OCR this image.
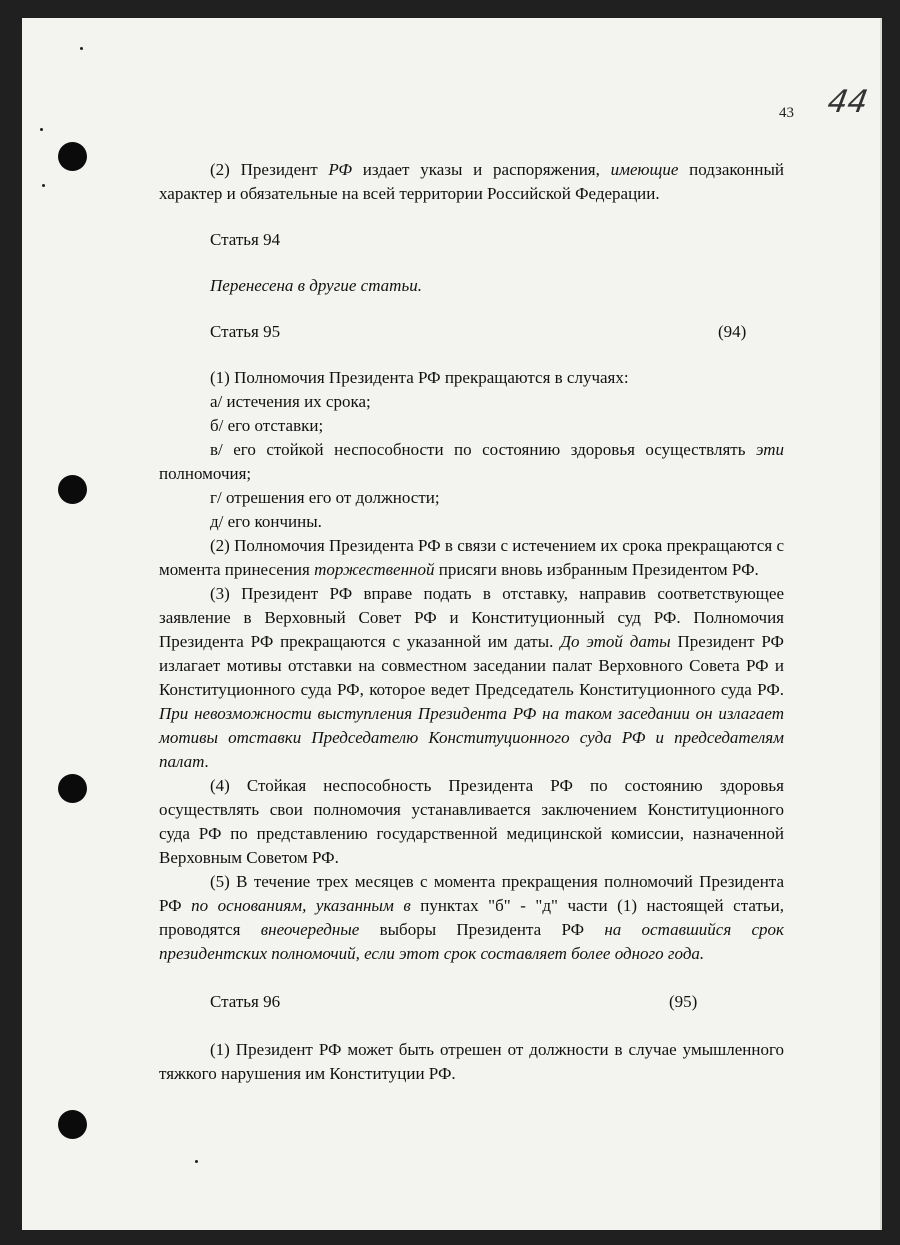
43 44

(2) Президент РФ издает указы и распоряжения, имеющие подзаконный характер и обязательные на всей территории Российской Федерации.

Статья 94

Перенесена в другие статьи.

Статья 95	(94)

(1) Полномочия Президента РФ прекращаются в случаях:

а/ истечения их срока;

б/ его отставки;

в/ его стойкой неспособности по состоянию здоровья осуществлять эти полномочия;

г/ отрешения его от должности;

д/ его кончины.

(2) Полномочия Президента РФ в связи с истечением их срока прекращаются с момента принесения торжественной присяги вновь избранным Президентом РФ.

(3) Президент РФ вправе подать в отставку, направив соответствующее заявление в Верховный Совет РФ и Конституционный суд РФ. Полномочия Президента РФ прекращаются с указанной им даты. До этой даты Президент РФ излагает мотивы отставки на совместном заседании палат Верховного Совета РФ и Конституционного суда РФ, которое ведет Председатель Конституционного суда РФ. При невозможности выступления Президента РФ на таком заседании он излагает мотивы отставки Председателю Конституционного суда РФ и председателям палат.

(4) Стойкая неспособность Президента РФ по состоянию здоровья осуществлять свои полномочия устанавливается заключением Конституционного суда РФ по представлению государственной медицинской комиссии, назначенной Верховным Советом РФ.

(5) В течение трех месяцев с момента прекращения полномочий Президента РФ по основаниям, указанным в пунктах "б" - "д" части (1) настоящей статьи, проводятся внеочередные выборы Президента РФ на оставшийся срок президентских полномочий, если этот срок составляет более одного года.

Статья 96	(95)

(1) Президент РФ может быть отрешен от должности в случае умышленного тяжкого нарушения им Конституции РФ.
